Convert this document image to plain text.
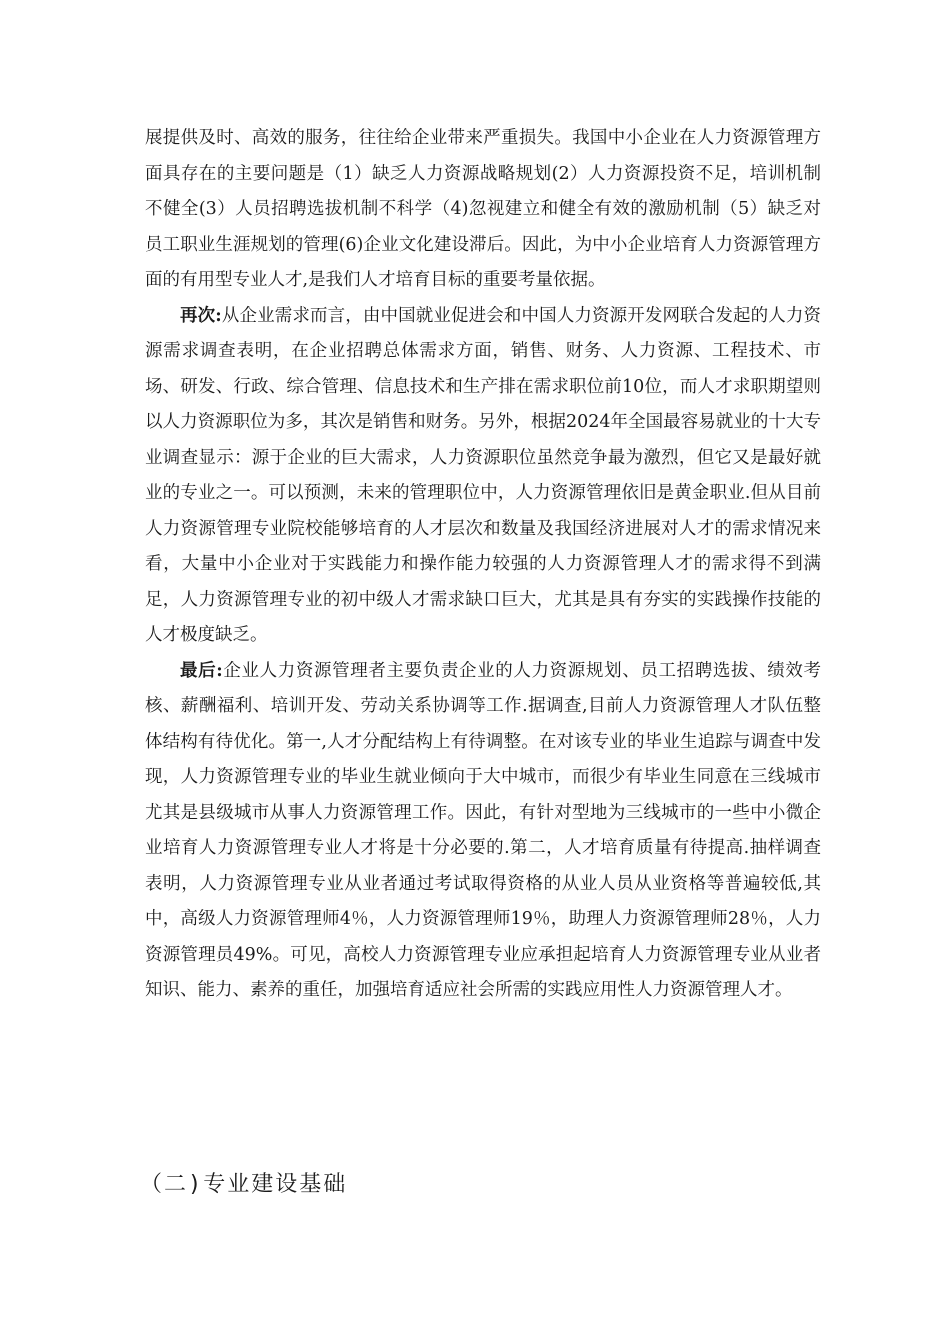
展提供及时、高效的服务，往往给企业带来严重损失。我国中小企业在人力资源管理方面具存在的主要问题是（1）缺乏人力资源战略规划(2）人力资源投资不足，培训机制不健全(3）人员招聘选拔机制不科学（4)忽视建立和健全有效的激励机制（5）缺乏对员工职业生涯规划的管理(6)企业文化建设滞后。因此，为中小企业培育人力资源管理方面的有用型专业人才,是我们人才培育目标的重要考量依据。

再次:从企业需求而言，由中国就业促进会和中国人力资源开发网联合发起的人力资源需求调查表明，在企业招聘总体需求方面，销售、财务、人力资源、工程技术、市场、研发、行政、综合管理、信息技术和生产排在需求职位前10位，而人才求职期望则以人力资源职位为多，其次是销售和财务。另外，根据2024年全国最容易就业的十大专业调查显示：源于企业的巨大需求，人力资源职位虽然竞争最为激烈，但它又是最好就业的专业之一。可以预测，未来的管理职位中，人力资源管理依旧是黄金职业.但从目前人力资源管理专业院校能够培育的人才层次和数量及我国经济进展对人才的需求情况来看，大量中小企业对于实践能力和操作能力较强的人力资源管理人才的需求得不到满足，人力资源管理专业的初中级人才需求缺口巨大，尤其是具有夯实的实践操作技能的人才极度缺乏。

最后:企业人力资源管理者主要负责企业的人力资源规划、员工招聘选拔、绩效考核、薪酬福利、培训开发、劳动关系协调等工作.据调查,目前人力资源管理人才队伍整体结构有待优化。第一,人才分配结构上有待调整。在对该专业的毕业生追踪与调查中发现，人力资源管理专业的毕业生就业倾向于大中城市，而很少有毕业生同意在三线城市尤其是县级城市从事人力资源管理工作。因此，有针对型地为三线城市的一些中小微企业培育人力资源管理专业人才将是十分必要的.第二，人才培育质量有待提高.抽样调查表明，人力资源管理专业从业者通过考试取得资格的从业人员从业资格等普遍较低,其中，高级人力资源管理师4％，人力资源管理师19％，助理人力资源管理师28％，人力资源管理员49%。可见，高校人力资源管理专业应承担起培育人力资源管理专业从业者知识、能力、素养的重任，加强培育适应社会所需的实践应用性人力资源管理人才。

（二)专业建设基础
